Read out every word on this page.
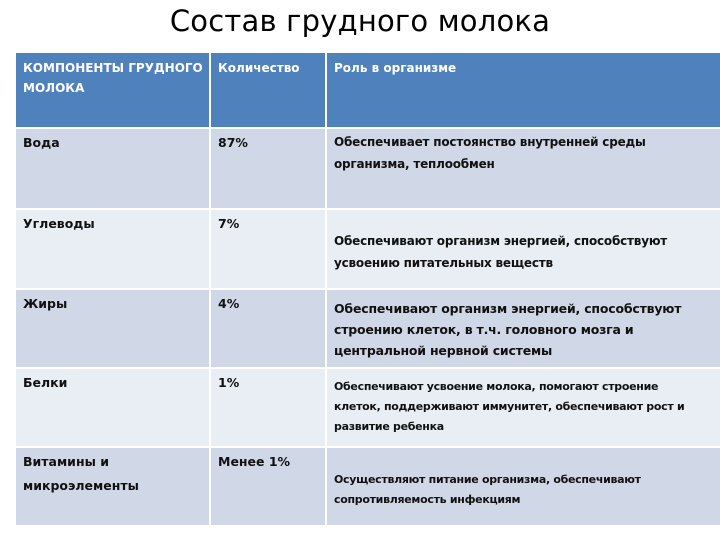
Состав грудного молока
КОМПОНЕНТЫ ГРУДНОГО МОЛОКА	Количество	Роль в организме
Вода	87%	Обеспечивает постоянство внутренней среды организма, теплообмен
Углеводы	7%	Обеспечивают организм энергией, способствуют усвоению питательных веществ
Жиры	4%	Обеспечивают организм энергией, способствуют строению клеток, в т.ч. головного мозга и центральной нервной системы
Белки	1%	Обеспечивают усвоение молока, помогают строение клеток, поддерживают иммунитет, обеспечивают рост и развитие ребенка
Витамины и микроэлементы	Менее 1%	Осуществляют питание организма, обеспечивают сопротивляемость инфекциям
